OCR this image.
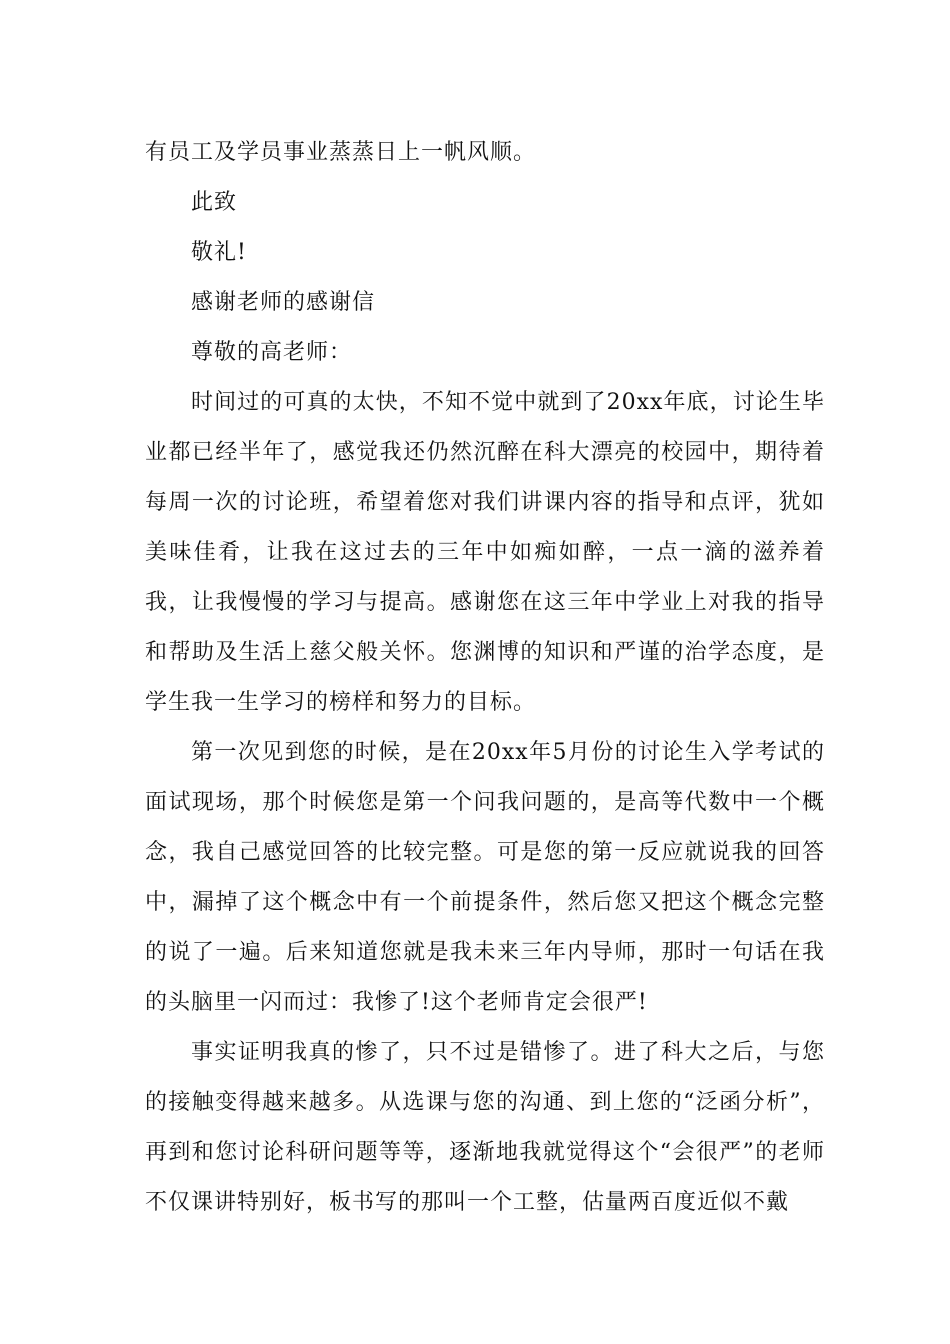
有员工及学员事业蒸蒸日上一帆风顺。

此致

敬礼!

感谢老师的感谢信

尊敬的高老师：

时间过的可真的太快，不知不觉中就到了20xx年底，讨论生毕业都已经半年了，感觉我还仍然沉醉在科大漂亮的校园中，期待着每周一次的讨论班，希望着您对我们讲课内容的指导和点评，犹如美味佳肴，让我在这过去的三年中如痴如醉，一点一滴的滋养着我，让我慢慢的学习与提高。感谢您在这三年中学业上对我的指导和帮助及生活上慈父般关怀。您渊博的知识和严谨的治学态度，是学生我一生学习的榜样和努力的目标。

第一次见到您的时候，是在20xx年5月份的讨论生入学考试的面试现场，那个时候您是第一个问我问题的，是高等代数中一个概念，我自己感觉回答的比较完整。可是您的第一反应就说我的回答中，漏掉了这个概念中有一个前提条件，然后您又把这个概念完整的说了一遍。后来知道您就是我未来三年内导师，那时一句话在我的头脑里一闪而过：我惨了!这个老师肯定会很严!

事实证明我真的惨了，只不过是错惨了。进了科大之后，与您的接触变得越来越多。从选课与您的沟通、到上您的“泛函分析”，再到和您讨论科研问题等等，逐渐地我就觉得这个“会很严”的老师不仅课讲特别好，板书写的那叫一个工整，估量两百度近似不戴
